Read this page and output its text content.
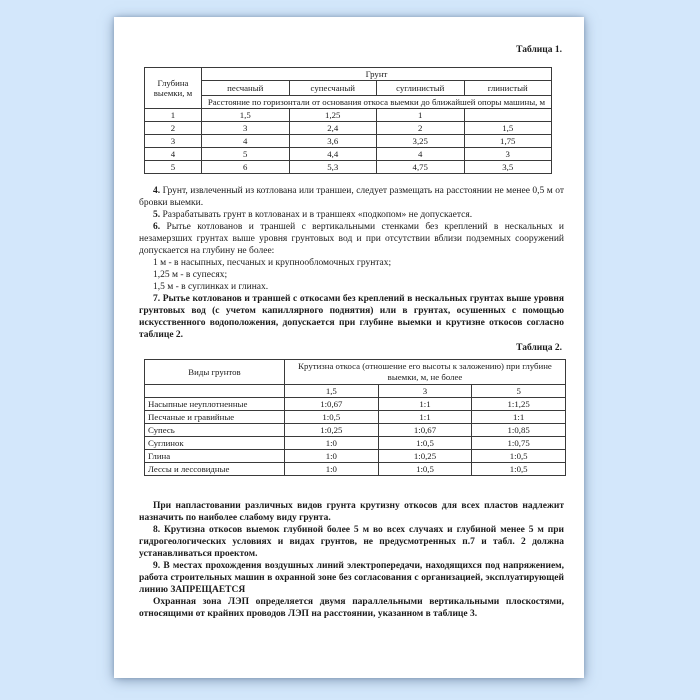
Таблица 1.
Глубина выемки, м	Грунт			
	песчаный	супесчаный	суглинистый	глинистый
	Расстояние по горизонтали от основания откоса выемки до ближайшей опоры машины, м			
1	1,5	1,25	1	
2	3	2,4	2	1,5
3	4	3,6	3,25	1,75
4	5	4,4	4	3
5	6	5,3	4,75	3,5
4. Грунт, извлеченный из котлована или траншеи, следует размещать на расстоянии не менее 0,5 м от бровки выемки.
5. Разрабатывать грунт в котлованах и в траншеях «подкопом» не допускается.
6. Рытье котлованов и траншей с вертикальными стенками без креплений в нескальных и незамерзших грунтах выше уровня грунтовых вод и при отсутствии вблизи подземных сооружений допускается на глубину не более:
1 м - в насыпных, песчаных и крупнообломочных грунтах;
1,25 м - в супесях;
1,5 м - в суглинках и глинах.
7. Рытье котлованов и траншей с откосами без креплений в нескальных грунтах выше уровня грунтовых вод (с учетом капиллярного поднятия) или в грунтах, осушенных с помощью искусственного водоположения, допускается при глубине выемки и крутизне откосов согласно таблице 2.
Таблица 2.
Виды грунтов	Крутизна откоса (отношение его высоты к заложению) при глубине выемки, м, не более		
	1,5	3	5
Насыпные неуплотненные	1:0,67	1:1	1:1,25
Песчаные и гравийные	1:0,5	1:1	1:1
Супесь	1:0,25	1:0,67	1:0,85
Суглинок	1:0	1:0,5	1:0,75
Глина	1:0	1:0,25	1:0,5
Лессы и лессовидные	1:0	1:0,5	1:0,5
При напластовании различных видов грунта крутизну откосов для всех пластов надлежит назначить по наиболее слабому виду грунта.
8. Крутизна откосов выемок глубиной более 5 м во всех случаях и глубиной менее 5 м при гидрогеологических условиях и видах грунтов, не предусмотренных п.7 и табл. 2 должна устанавливаться проектом.
9. В местах прохождения воздушных линий электропередачи, находящихся под напряжением, работа строительных машин в охранной зоне без согласования с организацией, эксплуатирующей линию ЗАПРЕЩАЕТСЯ
Охранная зона ЛЭП определяется двумя параллельными вертикальными плоскостями, относящими от крайних проводов ЛЭП на расстоянии, указанном в таблице 3.
